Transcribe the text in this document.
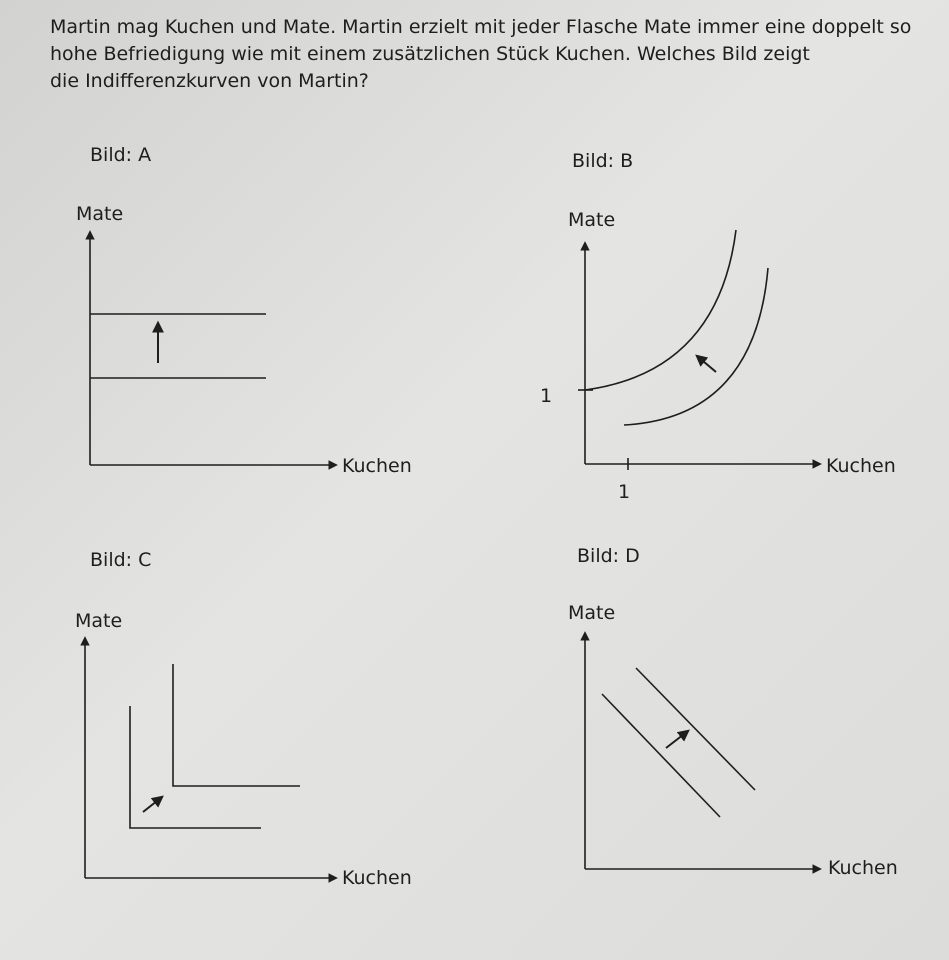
Martin mag Kuchen und Mate. Martin erzielt mit jeder Flasche Mate immer eine doppelt so
hohe Befriedigung wie mit einem zusätzlichen Stück Kuchen. Welches Bild zeigt
die Indifferenzkurven von Martin?

Bild: A	Bild: B
Bild: C	Bild: D
Mate
Kuchen
Mate
Kuchen
1
1
Mate
Kuchen
Mate
Kuchen
